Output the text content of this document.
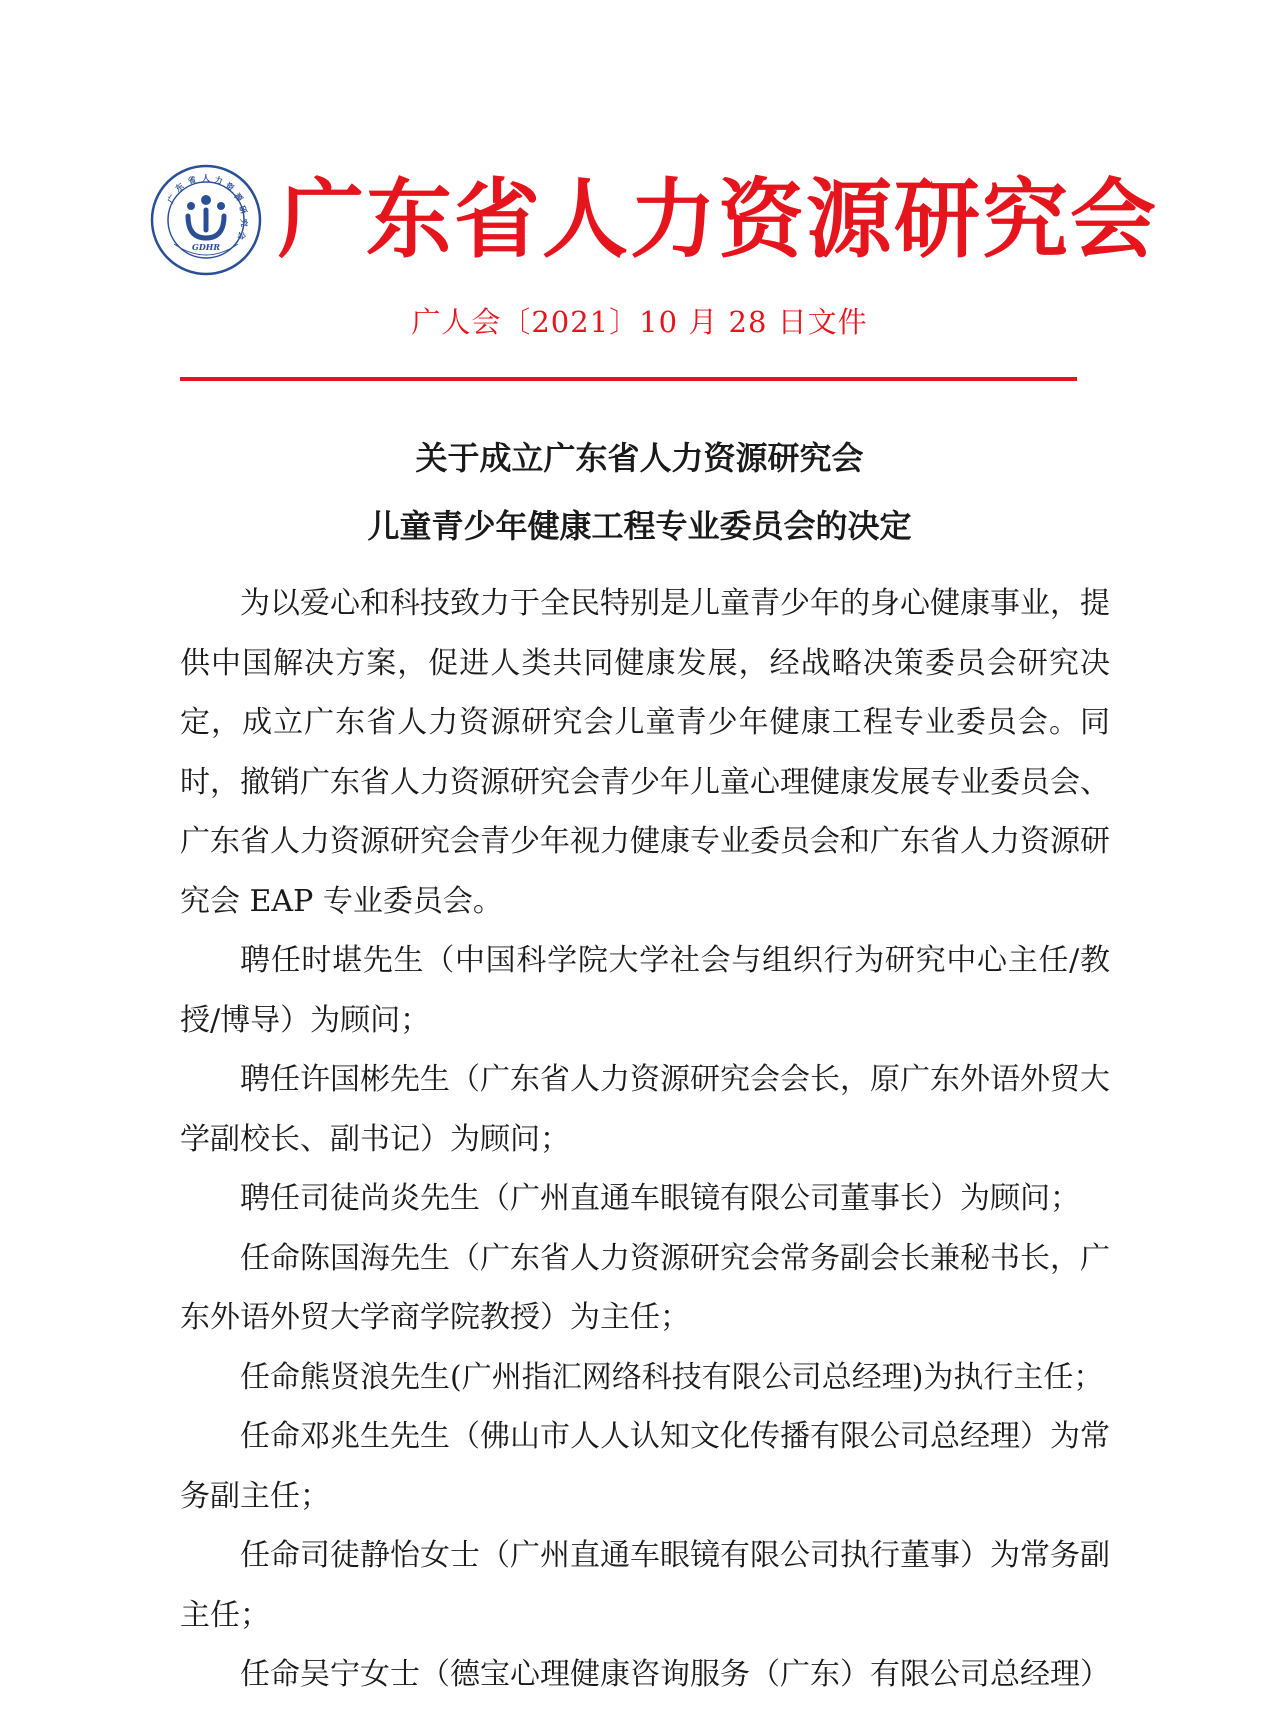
广
东
省 人 力
资
源
研
究
会
GDHR 广东省人力资源研究会
广人会〔2021〕10 月 28 日文件
关于成立广东省人力资源研究会
儿童青少年健康工程专业委员会的决定

为以爱心和科技致力于全民特别是儿童青少年的身心健康事业，提供中国解决方案，促进人类共同健康发展，经战略决策委员会研究决定，成立广东省人力资源研究会儿童青少年健康工程专业委员会。同时，撤销广东省人力资源研究会青少年儿童心理健康发展专业委员会、广东省人力资源研究会青少年视力健康专业委员会和广东省人力资源研究会 EAP 专业委员会。

聘任时堪先生（中国科学院大学社会与组织行为研究中心主任/教授/博导）为顾问；

聘任许国彬先生（广东省人力资源研究会会长，原广东外语外贸大学副校长、副书记）为顾问；

聘任司徒尚炎先生（广州直通车眼镜有限公司董事长）为顾问；

任命陈国海先生（广东省人力资源研究会常务副会长兼秘书长，广东外语外贸大学商学院教授）为主任；

任命熊贤浪先生(广州指汇网络科技有限公司总经理)为执行主任；

任命邓兆生先生（佛山市人人认知文化传播有限公司总经理）为常务副主任；

任命司徒静怡女士（广州直通车眼镜有限公司执行董事）为常务副主任；

任命吴宁女士（德宝心理健康咨询服务（广东）有限公司总经理）
